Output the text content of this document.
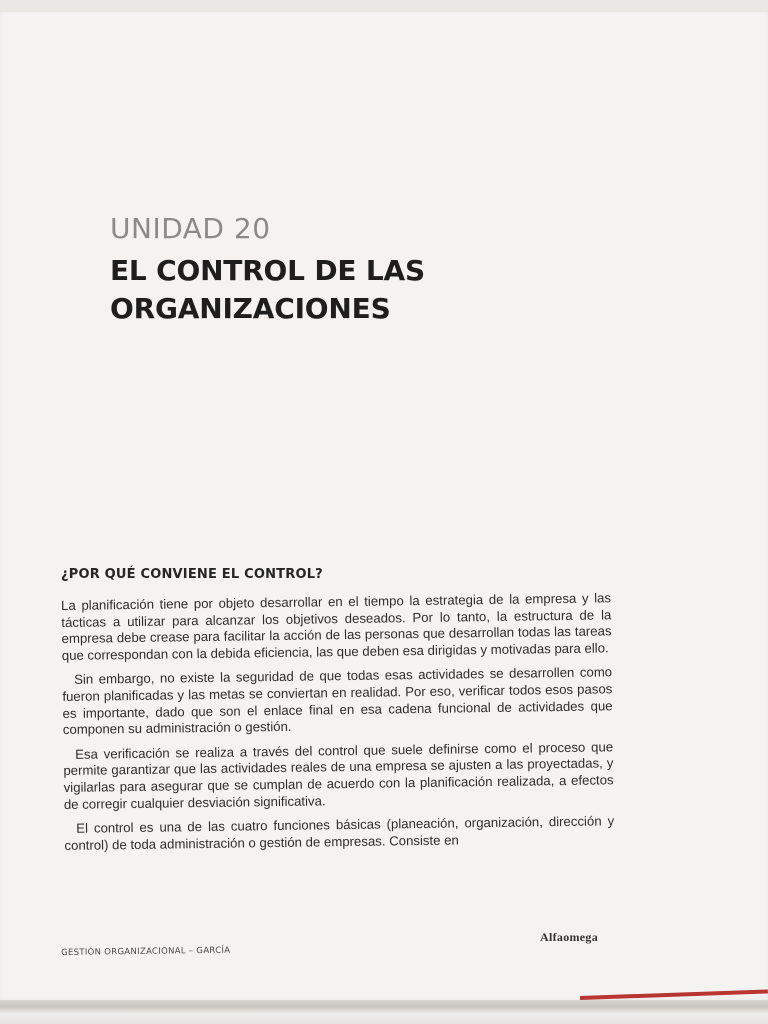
UNIDAD 20
EL CONTROL DE LAS
ORGANIZACIONES
¿POR QUÉ CONVIENE EL CONTROL?

La planificación tiene por objeto desarrollar en el tiempo la estrategia de la empresa y las tácticas a utilizar para alcanzar los objetivos deseados. Por lo tanto, la estructura de la empresa debe crease para facilitar la acción de las personas que desarrollan todas las tareas que correspondan con la debida eficiencia, las que deben esa dirigidas y motivadas para ello.

Sin embargo, no existe la seguridad de que todas esas actividades se desarrollen como fueron planificadas y las metas se conviertan en realidad. Por eso, verificar todos esos pasos es importante, dado que son el enlace final en esa cadena funcional de actividades que componen su administración o gestión.

Esa verificación se realiza a través del control que suele definirse como el proceso que permite garantizar que las actividades reales de una empresa se ajusten a las proyectadas, y vigilarlas para asegurar que se cumplan de acuerdo con la planificación realizada, a efectos de corregir cualquier desviación significativa.

El control es una de las cuatro funciones básicas (planeación, organización, dirección y control) de toda administración o gestión de empresas. Consiste en

GESTIÓN ORGANIZACIONAL – GARCÍA
Alfaomega
